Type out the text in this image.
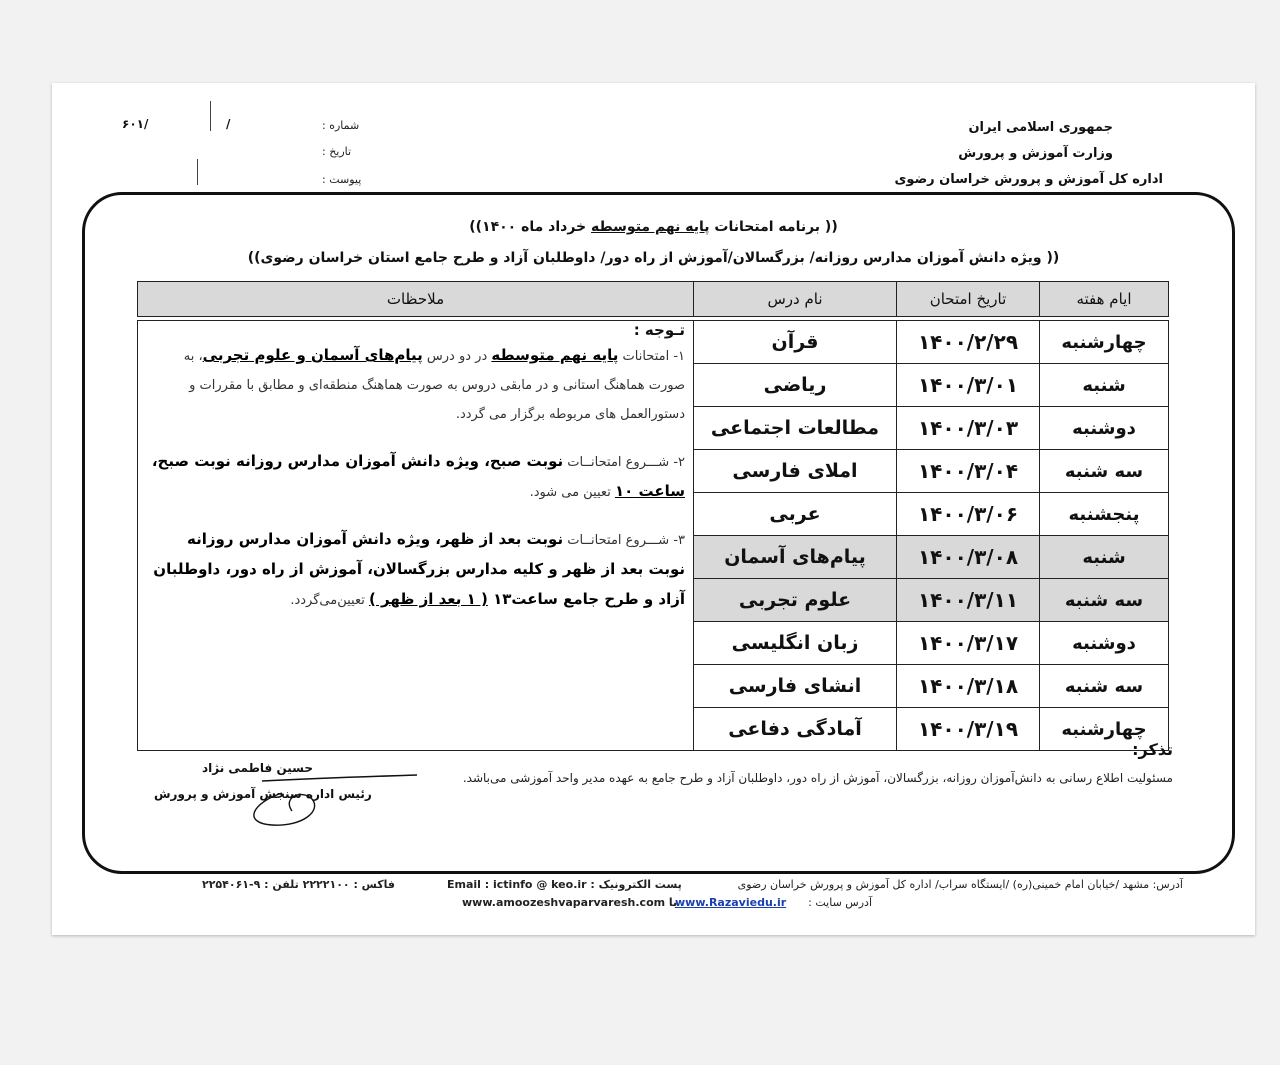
جمهوری اسلامی ایران
وزارت آموزش و پرورش
اداره کل آموزش و پرورش خراسان رضوی
شماره :
تاریخ :
پیوست :
۶۰۱/	/
(( برنامه امتحانات پایه نهم متوسطه خرداد ماه ۱۴۰۰))
(( ویژه دانش آموزان مدارس روزانه/ بزرگسالان/آموزش از راه دور/ داوطلبان آزاد و طرح جامع استان خراسان رضوی))
ایام هفته	تاریخ امتحان	نام درس	ملاحظات

چهارشنبه	۱۴۰۰/۲/۲۹	قرآن	تـوجه :
۱- امتحانات پایه نهم متوسطه در دو درس پیام‌های آسمان و علوم تجربی، به صورت هماهنگ استانی و در مابقی دروس به صورت هماهنگ منطقه‌ای و مطابق با مقررات و دستورالعمل های مربوطه برگزار می گردد.
۲- شـــروع امتحانــات نوبت صبح، ویژه دانش آموزان مدارس روزانه نوبت صبح، ساعت ۱۰ تعیین می شود.
۳- شـــروع امتحانــات نوبت بعد از ظهر، ویژه دانش آموزان مدارس روزانه نوبت بعد از ظهر و کلیه مدارس بزرگسالان، آموزش از راه دور، داوطلبان آزاد و طرح جامع ساعت۱۳ ( ۱ بعد از ظهر ) تعیین‌می‌گردد.

شنبه	۱۴۰۰/۳/۰۱	ریاضی	
دوشنبه	۱۴۰۰/۳/۰۳	مطالعات اجتماعی	
سه شنبه	۱۴۰۰/۳/۰۴	املای فارسی	
پنجشنبه	۱۴۰۰/۳/۰۶	عربی	
شنبه	۱۴۰۰/۳/۰۸	پیام‌های آسمان	
سه شنبه	۱۴۰۰/۳/۱۱	علوم تجربی	
دوشنبه	۱۴۰۰/۳/۱۷	زبان انگلیسی	
سه شنبه	۱۴۰۰/۳/۱۸	انشای فارسی	
چهارشنبه	۱۴۰۰/۳/۱۹	آمادگی دفاعی	
تذکر:
مسئولیت اطلاع رسانی به دانش‌آموزان روزانه، بزرگسالان، آموزش از راه دور، داوطلبان آزاد و طرح جامع به عهده مدیر واحد آموزشی می‌باشد.
حسین فاطمی نژاد
رئیس اداره سنجش آموزش و پرورش
آدرس: مشهد /خیابان امام خمینی(ره) /ایستگاه سراب/ اداره کل آموزش و پرورش خراسان رضوی
پست الکترونیک : Email : ictinfo @ keo.ir
فاکس : ۲۲۲۲۱۰۰ تلفن : ۹-۲۲۵۴۰۶۱
آدرس سایت :
www.Razaviedu.ir
www.amoozeshvaparvaresh.com با
